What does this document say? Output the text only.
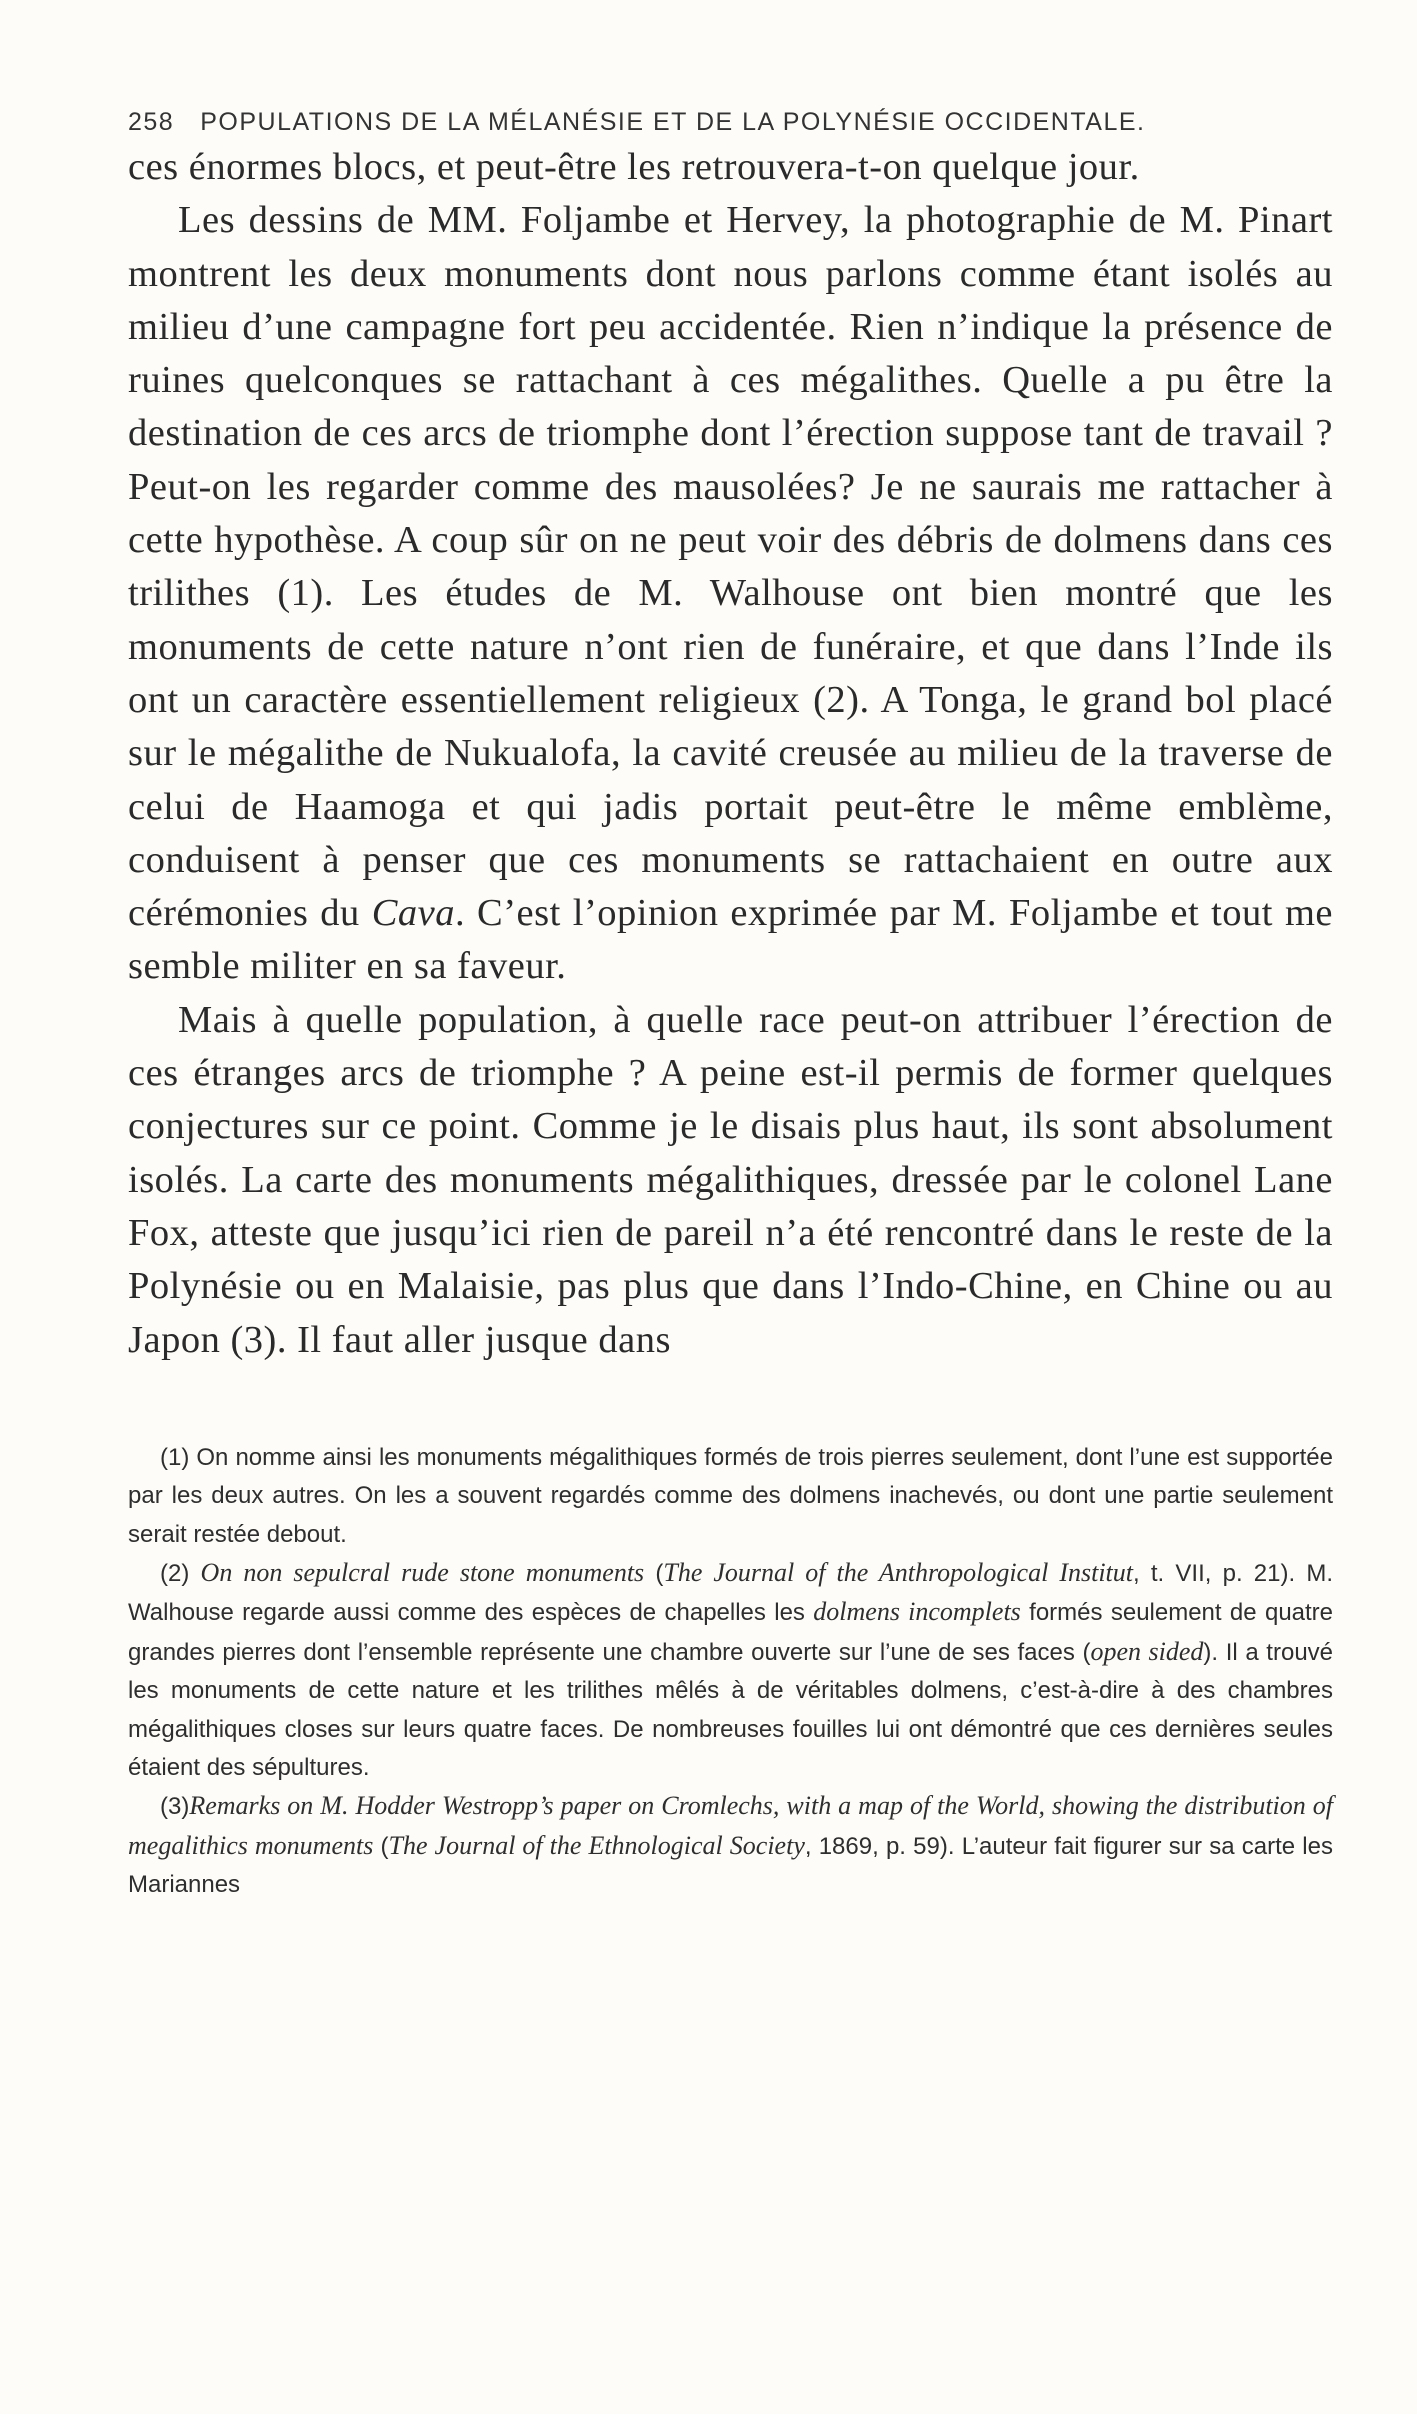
258 POPULATIONS DE LA MÉLANÉSIE ET DE LA POLYNÉSIE OCCIDENTALE.

ces énormes blocs, et peut-être les retrouvera-t-on quelque jour.

Les dessins de MM. Foljambe et Hervey, la photographie de M. Pinart montrent les deux monuments dont nous parlons comme étant isolés au milieu d’une campagne fort peu accidentée. Rien n’indique la présence de ruines quelconques se rattachant à ces mégalithes. Quelle a pu être la destination de ces arcs de triomphe dont l’érection suppose tant de travail ? Peut-on les regarder comme des mausolées? Je ne saurais me rattacher à cette hypothèse. A coup sûr on ne peut voir des débris de dolmens dans ces trilithes (1). Les études de M. Walhouse ont bien montré que les monuments de cette nature n’ont rien de funéraire, et que dans l’Inde ils ont un caractère essentiellement religieux (2). A Tonga, le grand bol placé sur le mégalithe de Nukualofa, la cavité creusée au milieu de la traverse de celui de Haamoga et qui jadis portait peut-être le même emblème, conduisent à penser que ces monuments se rattachaient en outre aux cérémonies du Cava. C’est l’opinion exprimée par M. Foljambe et tout me semble militer en sa faveur.

Mais à quelle population, à quelle race peut-on attribuer l’érection de ces étranges arcs de triomphe ? A peine est-il permis de former quelques conjectures sur ce point. Comme je le disais plus haut, ils sont absolument isolés. La carte des monuments mégalithiques, dressée par le colonel Lane Fox, atteste que jusqu’ici rien de pareil n’a été rencontré dans le reste de la Polynésie ou en Malaisie, pas plus que dans l’Indo-Chine, en Chine ou au Japon (3). Il faut aller jusque dans

(1) On nomme ainsi les monuments mégalithiques formés de trois pierres seulement, dont l’une est supportée par les deux autres. On les a souvent regardés comme des dolmens inachevés, ou dont une partie seulement serait restée debout.

(2) On non sepulcral rude stone monuments (The Journal of the Anthropological Institut, t. VII, p. 21). M. Walhouse regarde aussi comme des espèces de chapelles les dolmens incomplets formés seulement de quatre grandes pierres dont l’ensemble représente une chambre ouverte sur l’une de ses faces (open sided). Il a trouvé les monuments de cette nature et les trilithes mêlés à de véritables dolmens, c’est-à-dire à des chambres mégalithiques closes sur leurs quatre faces. De nombreuses fouilles lui ont démontré que ces dernières seules étaient des sépultures.

(3)Remarks on M. Hodder Westropp’s paper on Cromlechs, with a map of the World, showing the distribution of megalithics monuments (The Journal of the Ethnological Society, 1869, p. 59). L’auteur fait figurer sur sa carte les Mariannes
